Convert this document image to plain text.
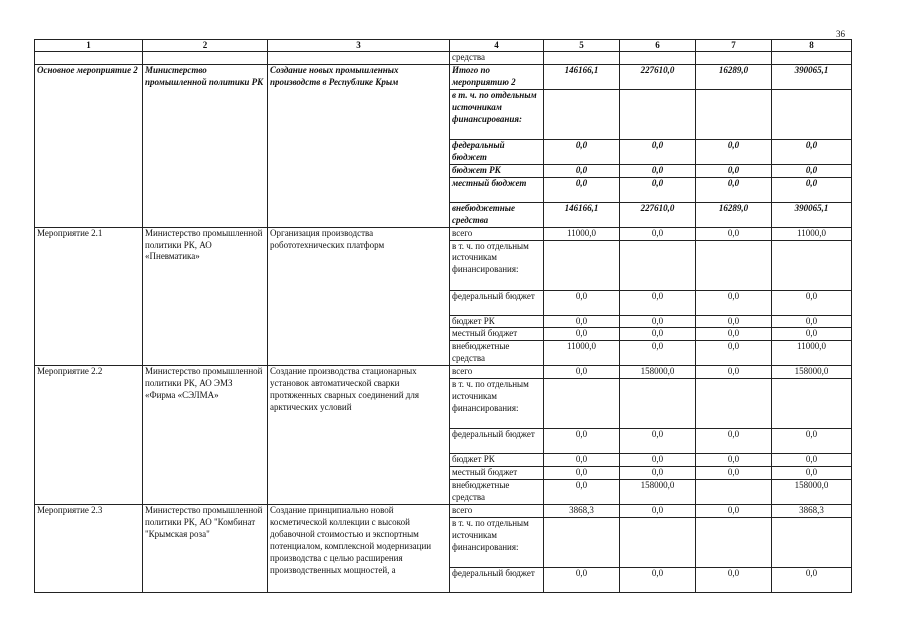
36
1	2	3	4	5	6	7	8
			средства				
Основное мероприятие 2	Министерство промышленной политики РК	Создание новых промышленных производств в Республике Крым	Итого по мероприятию 2	146166,1	227610,0	16289,0	390065,1
			в т. ч. по отдельным источникам финансирования:				
			федеральный бюджет	0,0	0,0	0,0	0,0
			бюджет РК	0,0	0,0	0,0	0,0
			местный бюджет	0,0	0,0	0,0	0,0
			внебюджетные средства	146166,1	227610,0	16289,0	390065,1
Мероприятие 2.1	Министерство промышленной политики РК, АО «Пневматика»	Организация производства робототехнических платформ	всего	11000,0	0,0	0,0	11000,0
			в т. ч. по отдельным источникам финансирования:				
			федеральный бюджет	0,0	0,0	0,0	0,0
			бюджет РК	0,0	0,0	0,0	0,0
			местный бюджет	0,0	0,0	0,0	0,0
			внебюджетные средства	11000,0	0,0	0,0	11000,0
Мероприятие 2.2	Министерство промышленной политики РК, АО ЭМЗ «Фирма «СЭЛМА»	Создание производства стационарных установок автоматической сварки протяженных сварных соединений для арктических условий	всего	0,0	158000,0	0,0	158000,0
			в т. ч. по отдельным источникам финансирования:				
			федеральный бюджет	0,0	0,0	0,0	0,0
			бюджет РК	0,0	0,0	0,0	0,0
			местный бюджет	0,0	0,0	0,0	0,0
			внебюджетные средства	0,0	158000,0		158000,0
Мероприятие 2.3	Министерство промышленной политики РК, АО "Комбинат "Крымская роза"	Создание принципиально новой косметической коллекции с высокой добавочной стоимостью и экспортным потенциалом, комплексной модернизации производства с целью расширения производственных мощностей, а	всего	3868,3	0,0	0,0	3868,3
			в т. ч. по отдельным источникам финансирования:				
			федеральный бюджет	0,0	0,0	0,0	0,0
